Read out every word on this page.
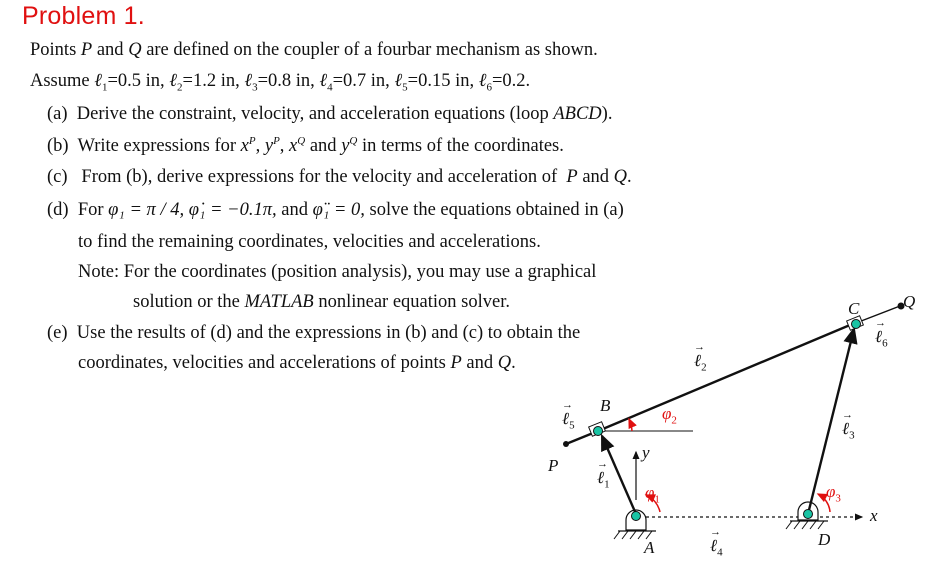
Problem 1.
Points P and Q are defined on the coupler of a fourbar mechanism as shown.
Assume ℓ$_1$=0.5 in, ℓ$_2$=1.2 in, ℓ$_3$=0.8 in, ℓ$_4$=0.7 in, ℓ$_5$=0.15 in, ℓ$_6$=0.2.
(a) Derive the constraint, velocity, and acceleration equations (loop ABCD).
(b) Write expressions for $x^P$, $y^P$, $x^Q$ and $y^Q$ in terms of the coordinates.
(c) From (b), derive expressions for the velocity and acceleration of  P and Q.
(d) For φ₁ = π / 4, φ̇₁ = −0.1π, and φ̈₁ = 0, solve the equations obtained in (a)
to find the remaining coordinates, velocities and accelerations.
Note: For the coordinates (position analysis), you may use a graphical
solution or the MATLAB nonlinear equation solver.
(e) Use the results of (d) and the expressions in (b) and (c) to obtain the
coordinates, velocities and accelerations of points P and Q.
B
C
A	D
P
Q
x
y
→
ℓ$_2$
→
ℓ$_3$
→
ℓ$_6$
→
ℓ$_5$
→
ℓ$_1$
→
ℓ$_4$
$\varphi_1$
$\varphi_2$
$\varphi_3$
